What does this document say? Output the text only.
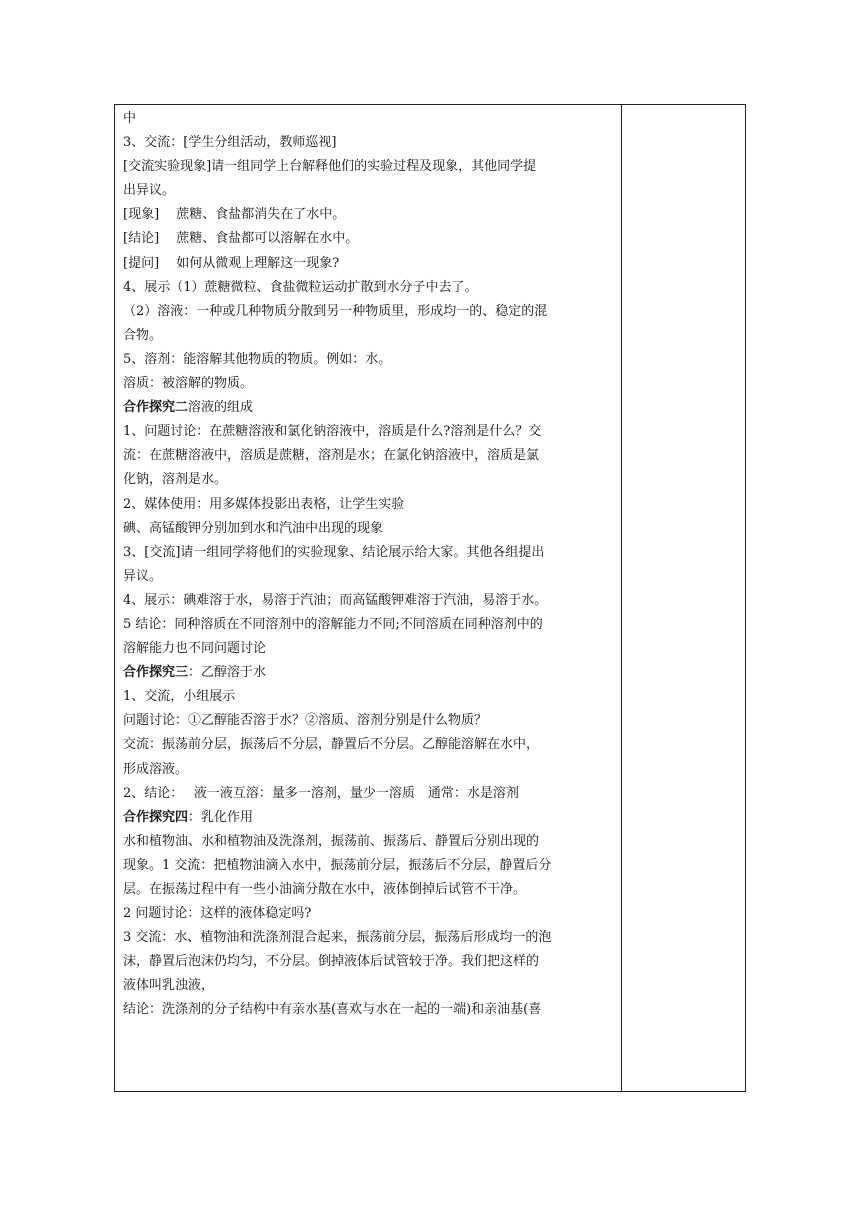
中
3、交流：[学生分组活动，教师巡视]
[交流实验现象]请一组同学上台解释他们的实验过程及现象，其他同学提
出异议。
[现象]　 蔗糖、食盐都消失在了水中。
[结论]　 蔗糖、食盐都可以溶解在水中。
[提问]　 如何从微观上理解这一现象?
4、展示（1）蔗糖微粒、食盐微粒运动扩散到水分子中去了。
（2）溶液：一种或几种物质分散到另一种物质里，形成均一的、稳定的混
合物。
5、溶剂：能溶解其他物质的物质。例如：水。
溶质：被溶解的物质。
合作探究二溶液的组成
1、问题讨论：在蔗糖溶液和氯化钠溶液中，溶质是什么?溶剂是什么？交
流：在蔗糖溶液中，溶质是蔗糖，溶剂是水；在氯化钠溶液中，溶质是氯
化钠，溶剂是水。
2、媒体使用：用多媒体投影出表格，让学生实验
碘、高锰酸钾分别加到水和汽油中出现的现象
3、[交流]请一组同学将他们的实验现象、结论展示给大家。其他各组提出
异议。
4、展示：碘难溶于水，易溶于汽油；而高锰酸钾难溶于汽油，易溶于水。
5 结论：同种溶质在不同溶剂中的溶解能力不同;不同溶质在同种溶剂中的
溶解能力也不同问题讨论
合作探究三：乙醇溶于水
1、交流，小组展示
问题讨论：①乙醇能否溶于水？②溶质、溶剂分别是什么物质？
交流：振荡前分层，振荡后不分层，静置后不分层。乙醇能溶解在水中，
形成溶液。
2、结论：　 液一液互溶：量多一溶剂，量少一溶质　通常：水是溶剂
合作探究四：乳化作用
水和植物油、水和植物油及洗涤剂，振荡前、振荡后、静置后分别出现的
现象。1 交流：把植物油滴入水中，振荡前分层，振荡后不分层，静置后分
层。在振荡过程中有一些小油滴分散在水中，液体倒掉后试管不干净。
2 问题讨论：这样的液体稳定吗?
3 交流：水、植物油和洗涤剂混合起来，振荡前分层，振荡后形成均一的泡
沫，静置后泡沫仍均匀，不分层。倒掉液体后试管较于净。我们把这样的
液体叫乳浊液，
结论：洗涤剂的分子结构中有亲水基(喜欢与水在一起的一端)和亲油基(喜
